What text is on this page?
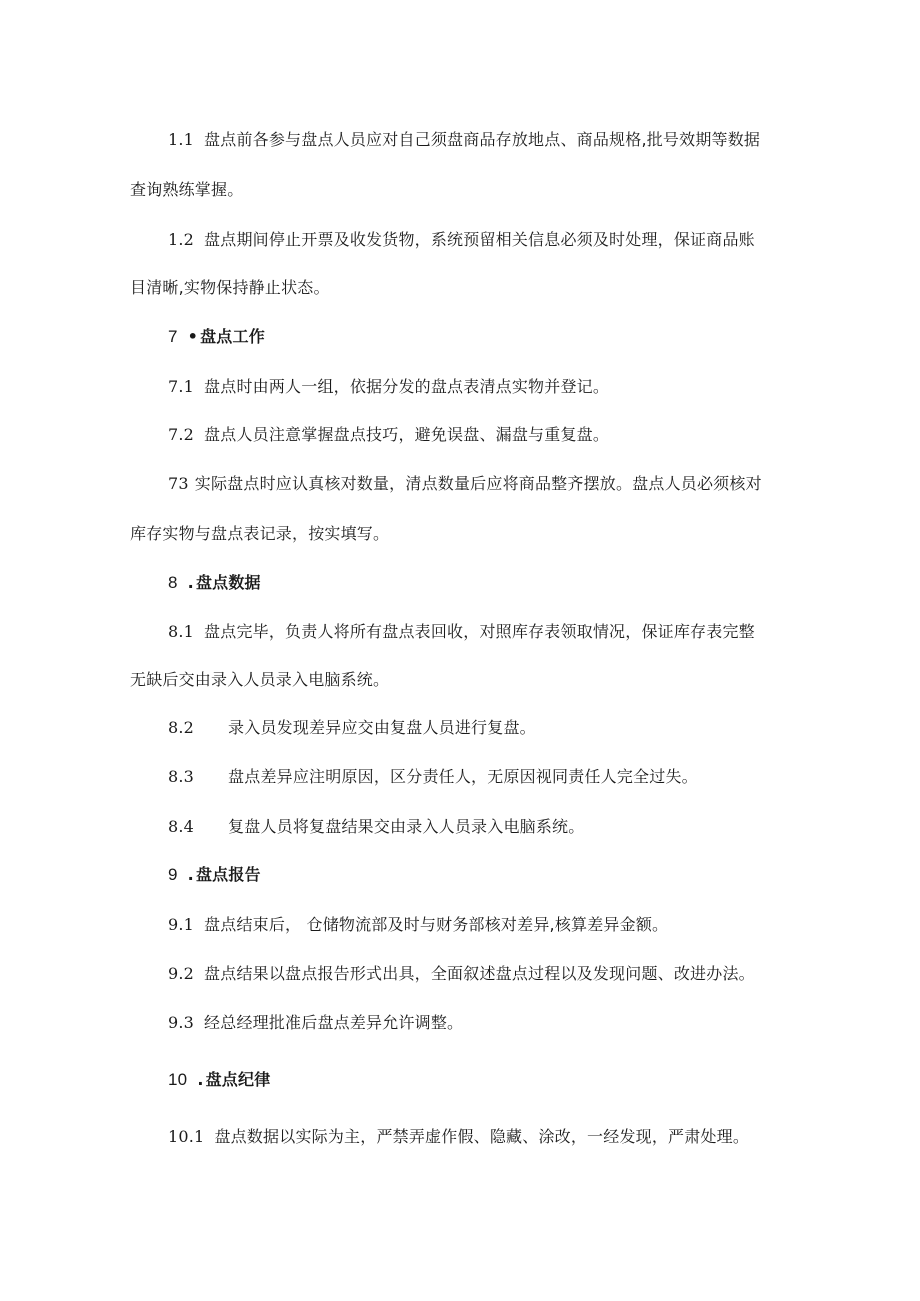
1.1 盘点前各参与盘点人员应对自己须盘商品存放地点、商品规格,批号效期等数据
查询熟练掌握。
1.2 盘点期间停止开票及收发货物，系统预留相关信息必须及时处理，保证商品账
目清晰,实物保持静止状态。
7 • 盘点工作
7.1 盘点时由两人一组，依据分发的盘点表清点实物并登记。
7.2 盘点人员注意掌握盘点技巧，避免误盘、漏盘与重复盘。
73 实际盘点时应认真核对数量，清点数量后应将商品整齐摆放。盘点人员必须核对
库存实物与盘点表记录，按实填写。
8 . 盘点数据
8.1 盘点完毕，负责人将所有盘点表回收，对照库存表领取情况，保证库存表完整
无缺后交由录入人员录入电脑系统。
8.2 录入员发现差异应交由复盘人员进行复盘。
8.3 盘点差异应注明原因，区分责任人，无原因视同责任人完全过失。
8.4 复盘人员将复盘结果交由录入人员录入电脑系统。
9 . 盘点报告
9.1 盘点结束后， 仓储物流部及时与财务部核对差异,核算差异金额。
9.2 盘点结果以盘点报告形式出具，全面叙述盘点过程以及发现问题、改进办法。
9.3 经总经理批准后盘点差异允许调整。
10 . 盘点纪律
10.1 盘点数据以实际为主，严禁弄虚作假、隐藏、涂改，一经发现，严肃处理。
